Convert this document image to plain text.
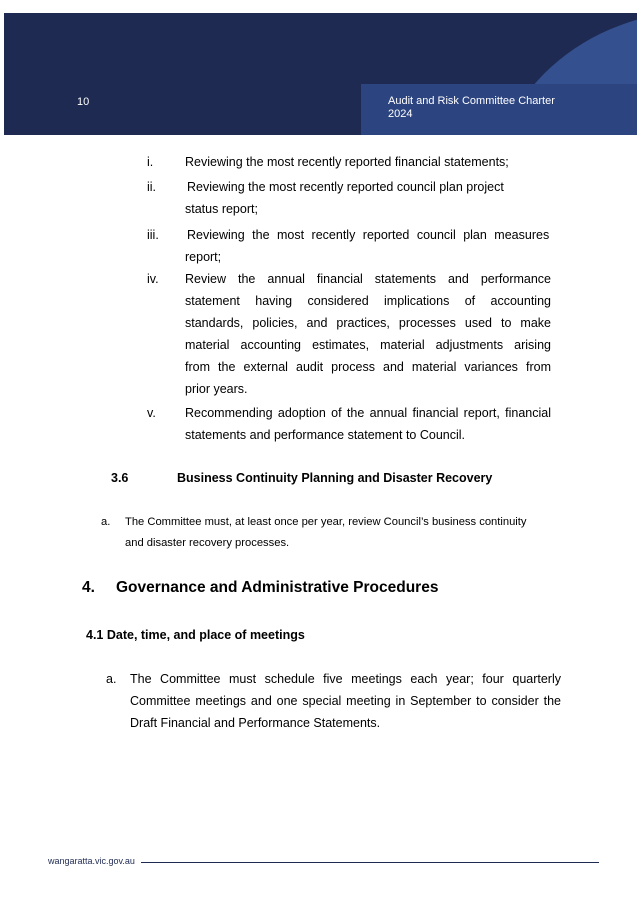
Audit and Risk Committee Charter
2024
10
i.	Reviewing the most recently reported financial statements;
ii. Reviewing the most recently reported council plan project
status report;
iii. Reviewing the most recently reported council plan measures
report;
iv. Review the annual financial statements and performance
statement having considered implications of accounting
standards, policies, and practices, processes used to make
material accounting estimates, material adjustments arising
from the external audit process and material variances from
prior years.
v. Recommending adoption of the annual financial report, financial
statements and performance statement to Council.
3.6	Business Continuity Planning and Disaster Recovery
a. The Committee must, at least once per year, review Council’s business continuity
and disaster recovery processes.
4. Governance and Administrative Procedures
4.1 Date, time, and place of meetings
a. The Committee must schedule five meetings each year; four quarterly
Committee meetings and one special meeting in September to consider the
Draft Financial and Performance Statements.
wangaratta.vic.gov.au
